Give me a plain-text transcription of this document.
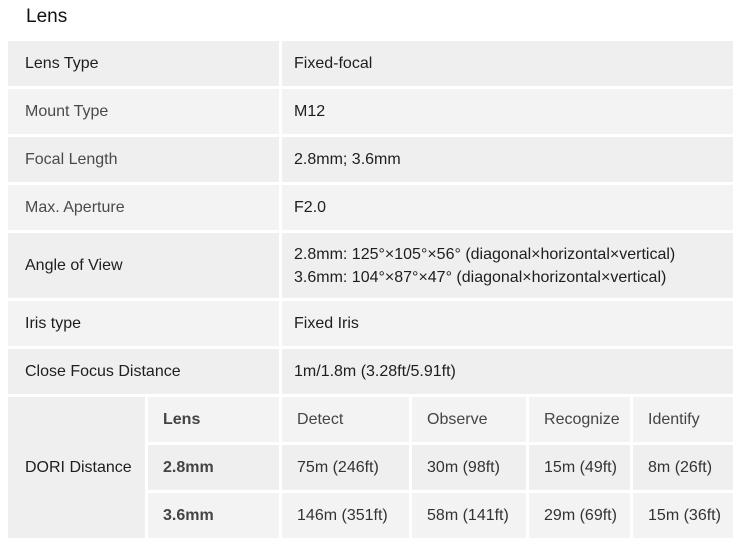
Lens
Lens Type		Fixed-focal			
Mount Type		M12			
Focal Length		2.8mm; 3.6mm			
Max. Aperture		F2.0			
Angle of View		2.8mm: 125°×105°×56° (diagonal×horizontal×vertical)
3.6mm: 104°×87°×47° (diagonal×horizontal×vertical)			

Iris type		Fixed Iris			
Close Focus Distance		1m/1.8m (3.28ft/5.91ft)			
DORI Distance	Lens	Detect	Observe	Recognize	Identify
	2.8mm	75m (246ft)	30m (98ft)	15m (49ft)	8m (26ft)
	3.6mm	146m (351ft)	58m (141ft)	29m (69ft)	15m (36ft)
